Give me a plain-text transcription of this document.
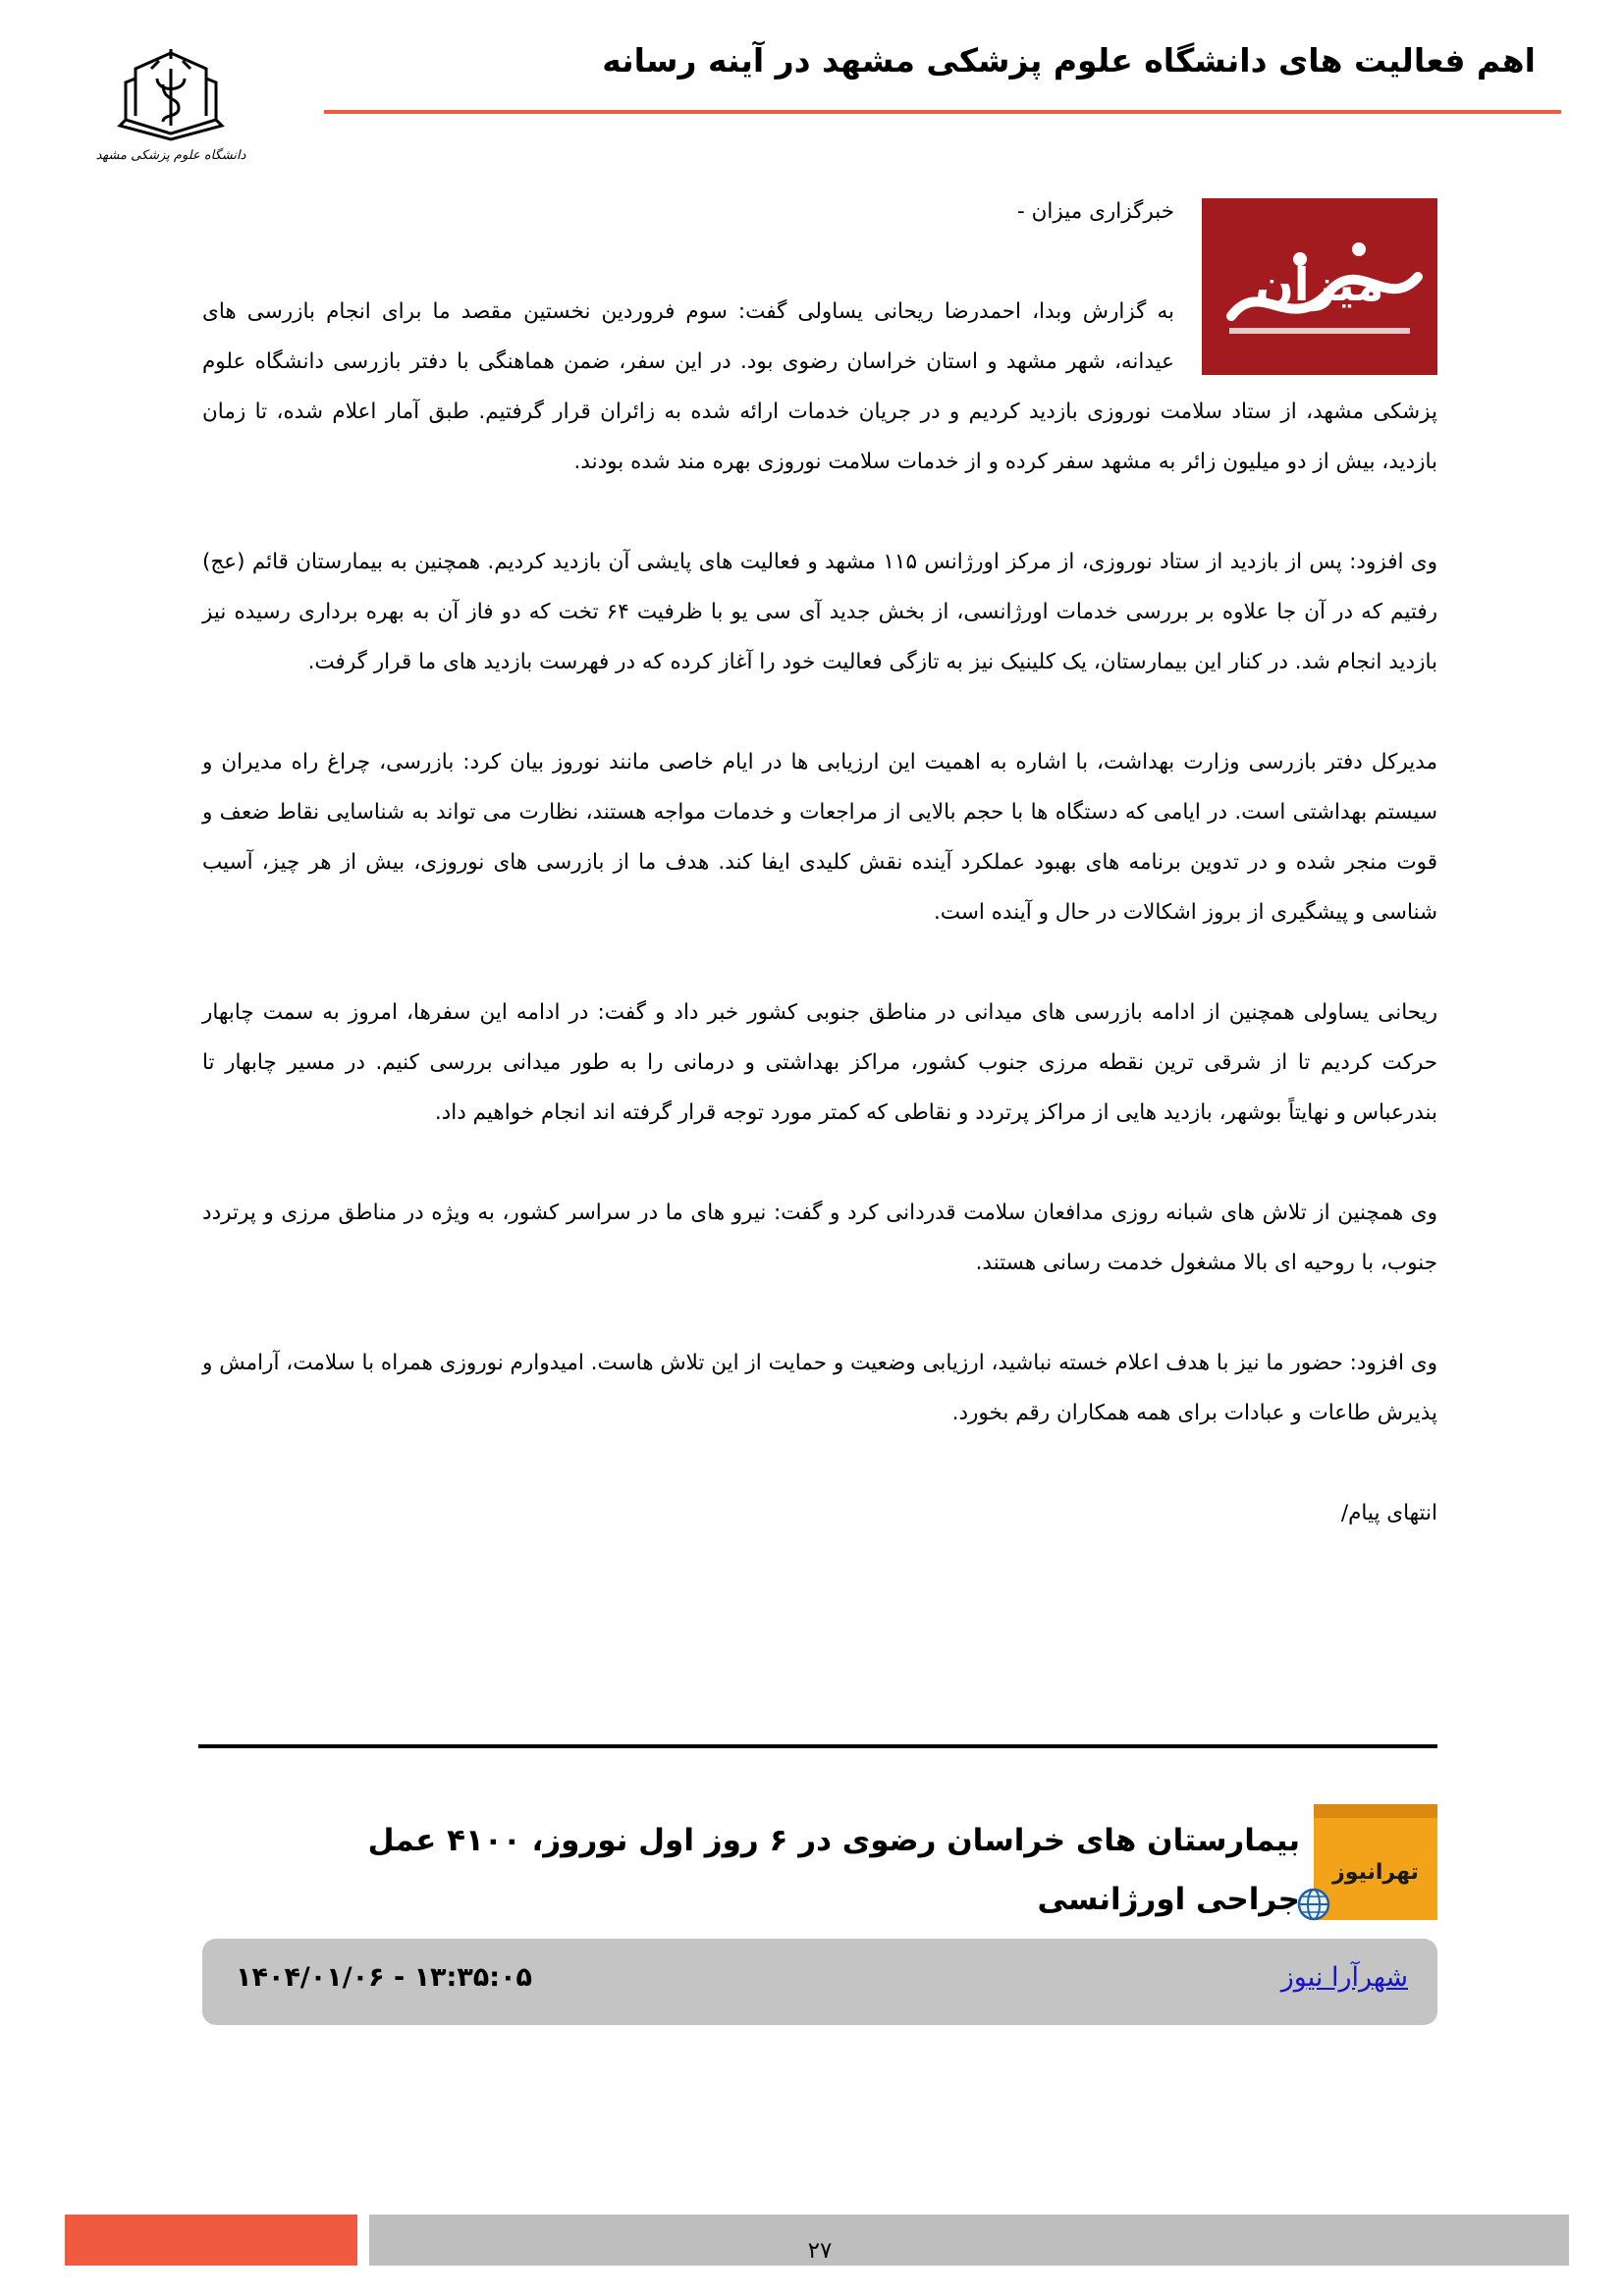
اهم فعالیت های دانشگاه علوم پزشکی مشهد در آینه رسانه
دانشگاه علوم پزشکی مشهد
میزان

خبرگزاری میزان -

به گزارش وبدا، احمدرضا ریحانی یساولی گفت: سوم فروردین نخستین مقصد ما برای انجام بازرسی های عیدانه، شهر مشهد و استان خراسان رضوی بود. در این سفر، ضمن هماهنگی با دفتر بازرسی دانشگاه علوم پزشکی مشهد، از ستاد سلامت نوروزی بازدید کردیم و در جریان خدمات ارائه شده به زائران قرار گرفتیم. طبق آمار اعلام شده، تا زمان بازدید، بیش از دو میلیون زائر به مشهد سفر کرده و از خدمات سلامت نوروزی بهره مند شده بودند.

وی افزود: پس از بازدید از ستاد نوروزی، از مرکز اورژانس ۱۱۵ مشهد و فعالیت های پایشی آن بازدید کردیم. همچنین به بیمارستان قائم (عج) رفتیم که در آن جا علاوه بر بررسی خدمات اورژانسی، از بخش جدید آی سی یو با ظرفیت ۶۴ تخت که دو فاز آن به بهره برداری رسیده نیز بازدید انجام شد. در کنار این بیمارستان، یک کلینیک نیز به تازگی فعالیت خود را آغاز کرده که در فهرست بازدید های ما قرار گرفت.

مدیرکل دفتر بازرسی وزارت بهداشت، با اشاره به اهمیت این ارزیابی ها در ایام خاصی مانند نوروز بیان کرد: بازرسی، چراغ راه مدیران و سیستم بهداشتی است. در ایامی که دستگاه ها با حجم بالایی از مراجعات و خدمات مواجه هستند، نظارت می تواند به شناسایی نقاط ضعف و قوت منجر شده و در تدوین برنامه های بهبود عملکرد آینده نقش کلیدی ایفا کند. هدف ما از بازرسی های نوروزی، بیش از هر چیز، آسیب شناسی و پیشگیری از بروز اشکالات در حال و آینده است.

ریحانی یساولی همچنین از ادامه بازرسی های میدانی در مناطق جنوبی کشور خبر داد و گفت: در ادامه این سفرها، امروز به سمت چابهار حرکت کردیم تا از شرقی ترین نقطه مرزی جنوب کشور، مراکز بهداشتی و درمانی را به طور میدانی بررسی کنیم. در مسیر چابهار تا بندرعباس و نهایتاً بوشهر، بازدید هایی از مراکز پرتردد و نقاطی که کمتر مورد توجه قرار گرفته اند انجام خواهیم داد.

وی همچنین از تلاش های شبانه روزی مدافعان سلامت قدردانی کرد و گفت: نیرو های ما در سراسر کشور، به ویژه در مناطق مرزی و پرتردد جنوب، با روحیه ای بالا مشغول خدمت رسانی هستند.

وی افزود: حضور ما نیز با هدف اعلام خسته نباشید، ارزیابی وضعیت و حمایت از این تلاش هاست. امیدوارم نوروزی همراه با سلامت، آرامش و پذیرش طاعات و عبادات برای همه همکاران رقم بخورد.

انتهای پیام/

تهرانیوز
بیمارستان های خراسان رضوی در ۶ روز اول نوروز، ۴۱۰۰ عمل جراحی اورژانسی
شهرآرا نیوز
۱۴۰۴/۰۱/۰۶ - ۱۳:۳۵:۰۵
۲۷
